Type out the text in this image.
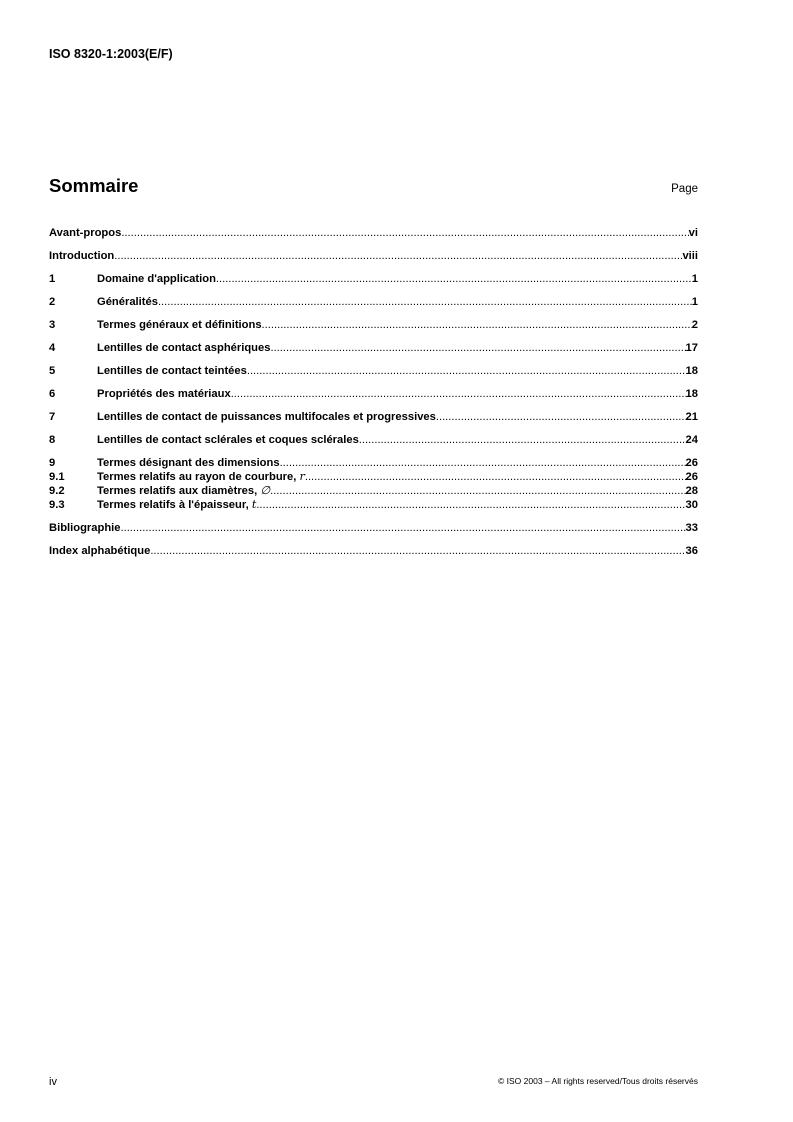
ISO 8320-1:2003(E/F)
Sommaire	Page
Avant-propos .....	vi
Introduction .....	viii
1	Domaine d'application .....	1
2	Généralités .....	1
3	Termes généraux et définitions .....	2
4	Lentilles de contact asphériques .....	17
5	Lentilles de contact teintées .....	18
6	Propriétés des matériaux .....	18
7	Lentilles de contact de puissances multifocales et progressives .....	21
8	Lentilles de contact sclérales et coques sclérales .....	24
9	Termes désignant des dimensions .....	26
9.1	Termes relatifs au rayon de courbure, r .....	26
9.2	Termes relatifs aux diamètres, ∅ .....	28
9.3	Termes relatifs à l'épaisseur, t .....	30
Bibliographie .....	33
Index alphabétique .....	36
iv	© ISO 2003 – All rights reserved/Tous droits réservés
